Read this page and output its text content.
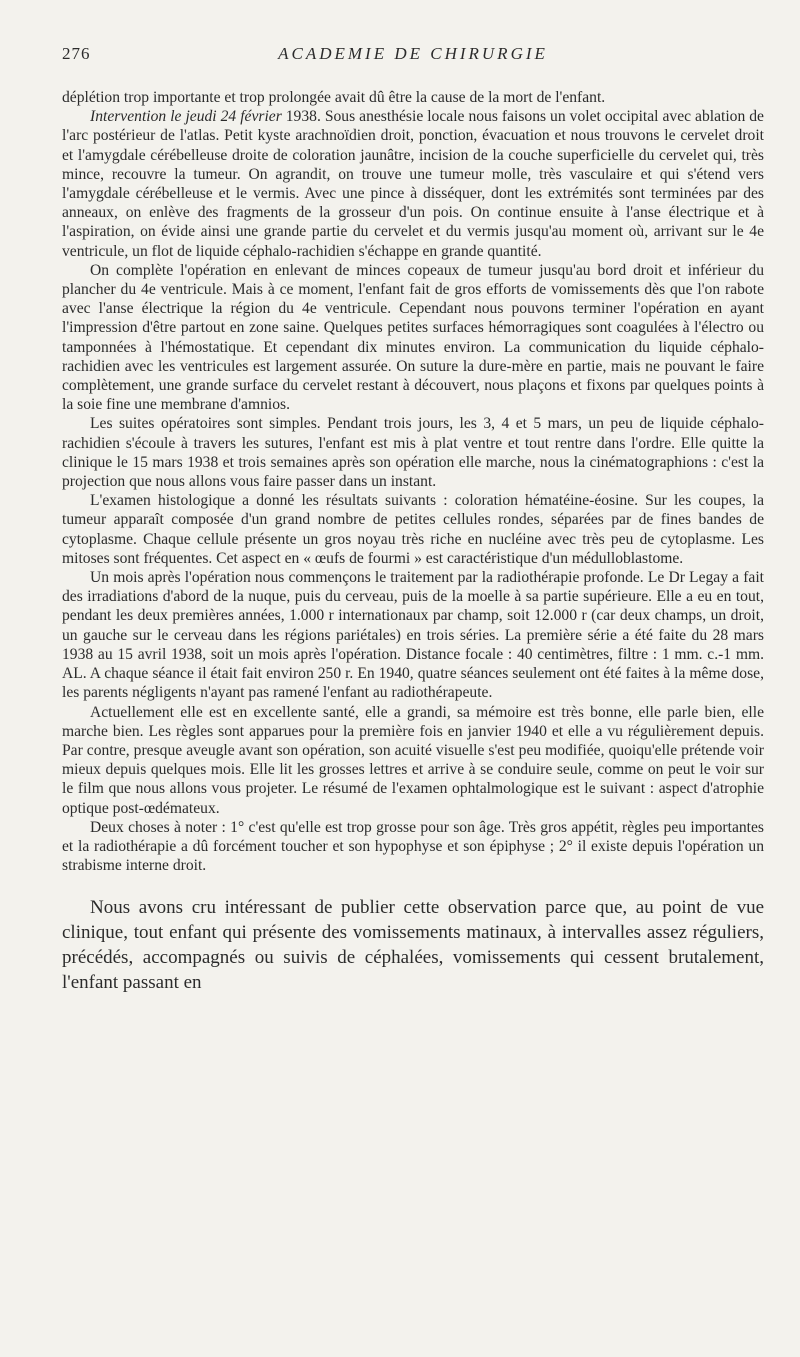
276	ACADEMIE DE CHIRURGIE

déplétion trop importante et trop prolongée avait dû être la cause de la mort de l'enfant.

Intervention le jeudi 24 février 1938. Sous anesthésie locale nous faisons un volet occipital avec ablation de l'arc postérieur de l'atlas. Petit kyste arachnoïdien droit, ponction, évacuation et nous trouvons le cervelet droit et l'amygdale cérébelleuse droite de coloration jaunâtre, incision de la couche superficielle du cervelet qui, très mince, recouvre la tumeur. On agrandit, on trouve une tumeur molle, très vasculaire et qui s'étend vers l'amygdale cérébelleuse et le vermis. Avec une pince à disséquer, dont les extrémités sont terminées par des anneaux, on enlève des fragments de la grosseur d'un pois. On continue ensuite à l'anse électrique et à l'aspiration, on évide ainsi une grande partie du cervelet et du vermis jusqu'au moment où, arrivant sur le 4e ventricule, un flot de liquide céphalo-rachidien s'échappe en grande quantité.

On complète l'opération en enlevant de minces copeaux de tumeur jusqu'au bord droit et inférieur du plancher du 4e ventricule. Mais à ce moment, l'enfant fait de gros efforts de vomissements dès que l'on rabote avec l'anse électrique la région du 4e ventricule. Cependant nous pouvons terminer l'opération en ayant l'impression d'être partout en zone saine. Quelques petites surfaces hémorragiques sont coagulées à l'électro ou tamponnées à l'hémostatique. Et cependant dix minutes environ. La communication du liquide céphalo-rachidien avec les ventricules est largement assurée. On suture la dure-mère en partie, mais ne pouvant le faire complètement, une grande surface du cervelet restant à découvert, nous plaçons et fixons par quelques points à la soie fine une membrane d'amnios.

Les suites opératoires sont simples. Pendant trois jours, les 3, 4 et 5 mars, un peu de liquide céphalo-rachidien s'écoule à travers les sutures, l'enfant est mis à plat ventre et tout rentre dans l'ordre. Elle quitte la clinique le 15 mars 1938 et trois semaines après son opération elle marche, nous la cinématographions : c'est la projection que nous allons vous faire passer dans un instant.

L'examen histologique a donné les résultats suivants : coloration hématéine-éosine. Sur les coupes, la tumeur apparaît composée d'un grand nombre de petites cellules rondes, séparées par de fines bandes de cytoplasme. Chaque cellule présente un gros noyau très riche en nucléine avec très peu de cytoplasme. Les mitoses sont fréquentes. Cet aspect en « œufs de fourmi » est caractéristique d'un médulloblastome.

Un mois après l'opération nous commençons le traitement par la radiothérapie profonde. Le Dr Legay a fait des irradiations d'abord de la nuque, puis du cerveau, puis de la moelle à sa partie supérieure. Elle a eu en tout, pendant les deux premières années, 1.000 r internationaux par champ, soit 12.000 r (car deux champs, un droit, un gauche sur le cerveau dans les régions pariétales) en trois séries. La première série a été faite du 28 mars 1938 au 15 avril 1938, soit un mois après l'opération. Distance focale : 40 centimètres, filtre : 1 mm. c.-1 mm. AL. A chaque séance il était fait environ 250 r. En 1940, quatre séances seulement ont été faites à la même dose, les parents négligents n'ayant pas ramené l'enfant au radiothérapeute.

Actuellement elle est en excellente santé, elle a grandi, sa mémoire est très bonne, elle parle bien, elle marche bien. Les règles sont apparues pour la première fois en janvier 1940 et elle a vu régulièrement depuis. Par contre, presque aveugle avant son opération, son acuité visuelle s'est peu modifiée, quoiqu'elle prétende voir mieux depuis quelques mois. Elle lit les grosses lettres et arrive à se conduire seule, comme on peut le voir sur le film que nous allons vous projeter. Le résumé de l'examen ophtalmologique est le suivant : aspect d'atrophie optique post-œdémateux.

Deux choses à noter : 1° c'est qu'elle est trop grosse pour son âge. Très gros appétit, règles peu importantes et la radiothérapie a dû forcément toucher et son hypophyse et son épiphyse ; 2° il existe depuis l'opération un strabisme interne droit.

Nous avons cru intéressant de publier cette observation parce que, au point de vue clinique, tout enfant qui présente des vomissements matinaux, à intervalles assez réguliers, précédés, accompagnés ou suivis de céphalées, vomissements qui cessent brutalement, l'enfant passant en
